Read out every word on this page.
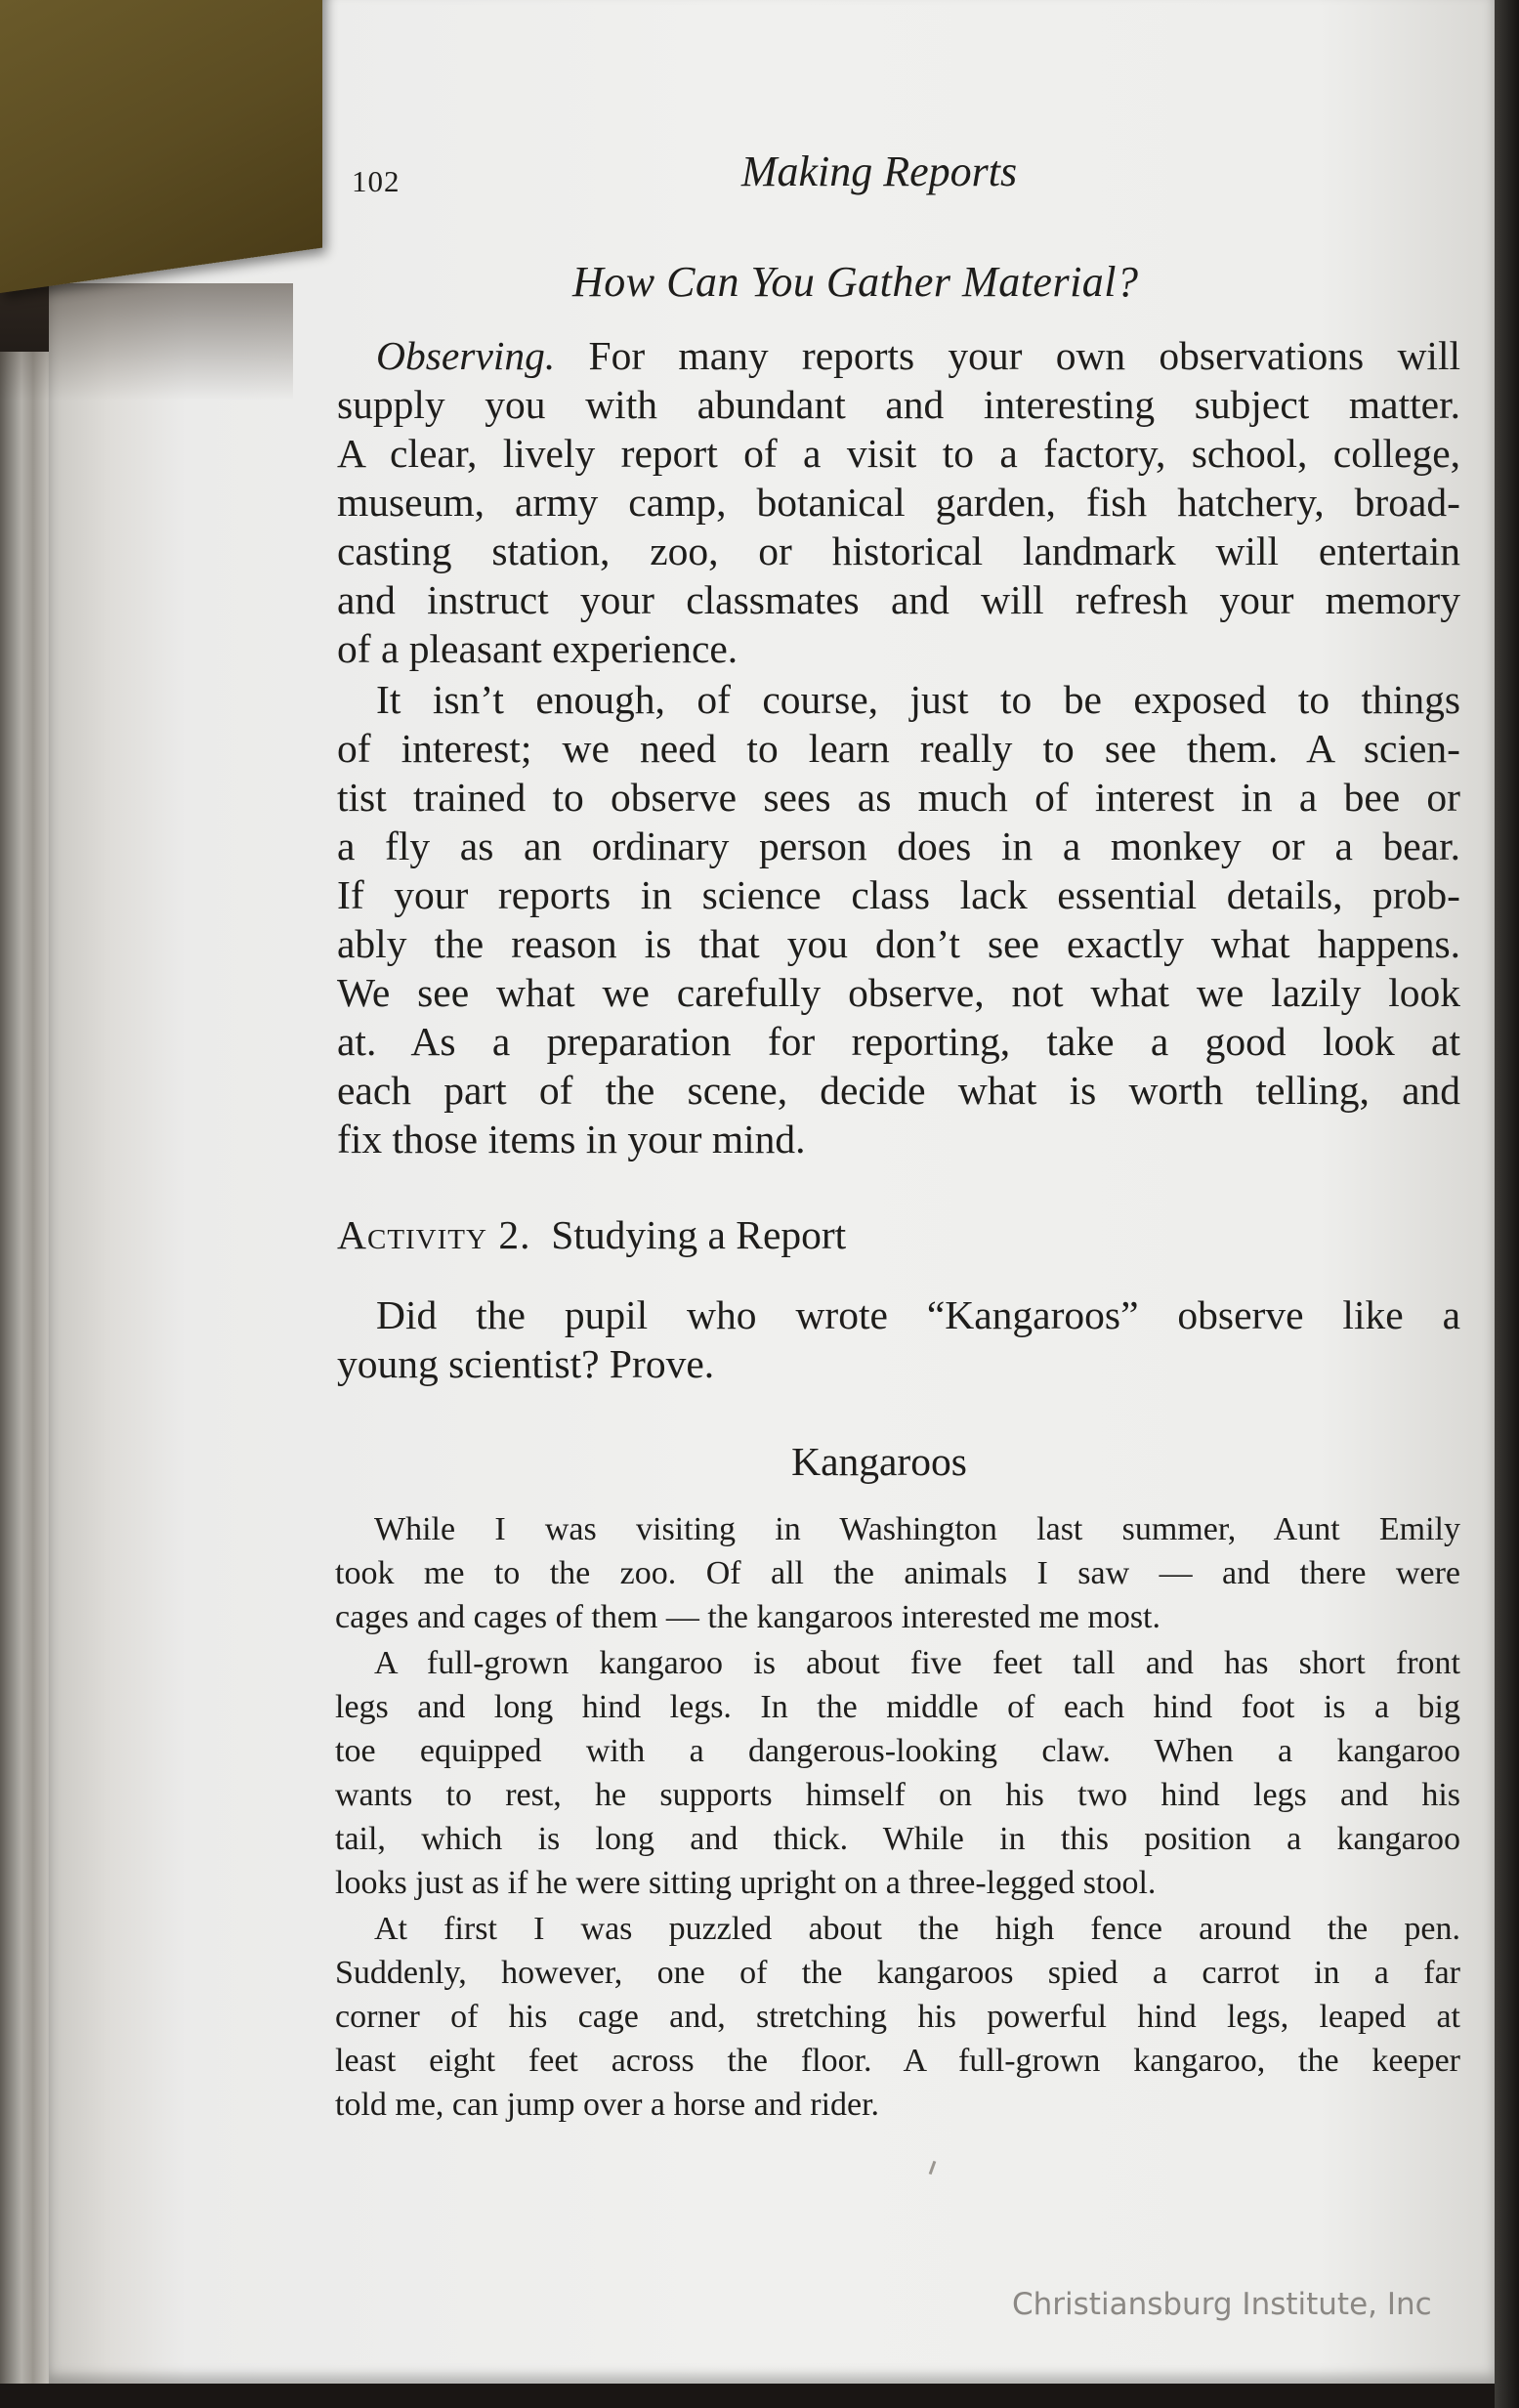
102	Making Reports
How Can You Gather Material?
Observing. For many reports your own observations will
supply you with abundant and interesting subject matter.
A clear, lively report of a visit to a factory, school, college,
museum, army camp, botanical garden, fish hatchery, broad-
casting station, zoo, or historical landmark will entertain
and instruct your classmates and will refresh your memory
of a pleasant experience.
It isn’t enough, of course, just to be exposed to things
of interest; we need to learn really to see them. A scien-
tist trained to observe sees as much of interest in a bee or
a fly as an ordinary person does in a monkey or a bear.
If your reports in science class lack essential details, prob-
ably the reason is that you don’t see exactly what happens.
We see what we carefully observe, not what we lazily look
at. As a preparation for reporting, take a good look at
each part of the scene, decide what is worth telling, and
fix those items in your mind.
Activity 2. Studying a Report
Did the pupil who wrote “Kangaroos” observe like a
young scientist? Prove.
Kangaroos
While I was visiting in Washington last summer, Aunt Emily
took me to the zoo. Of all the animals I saw — and there were
cages and cages of them — the kangaroos interested me most.
A full-grown kangaroo is about five feet tall and has short front
legs and long hind legs. In the middle of each hind foot is a big
toe equipped with a dangerous-looking claw. When a kangaroo
wants to rest, he supports himself on his two hind legs and his
tail, which is long and thick. While in this position a kangaroo
looks just as if he were sitting upright on a three-legged stool.
At first I was puzzled about the high fence around the pen.
Suddenly, however, one of the kangaroos spied a carrot in a far
corner of his cage and, stretching his powerful hind legs, leaped at
least eight feet across the floor. A full-grown kangaroo, the keeper
told me, can jump over a horse and rider.
Christiansburg Institute, Inc
